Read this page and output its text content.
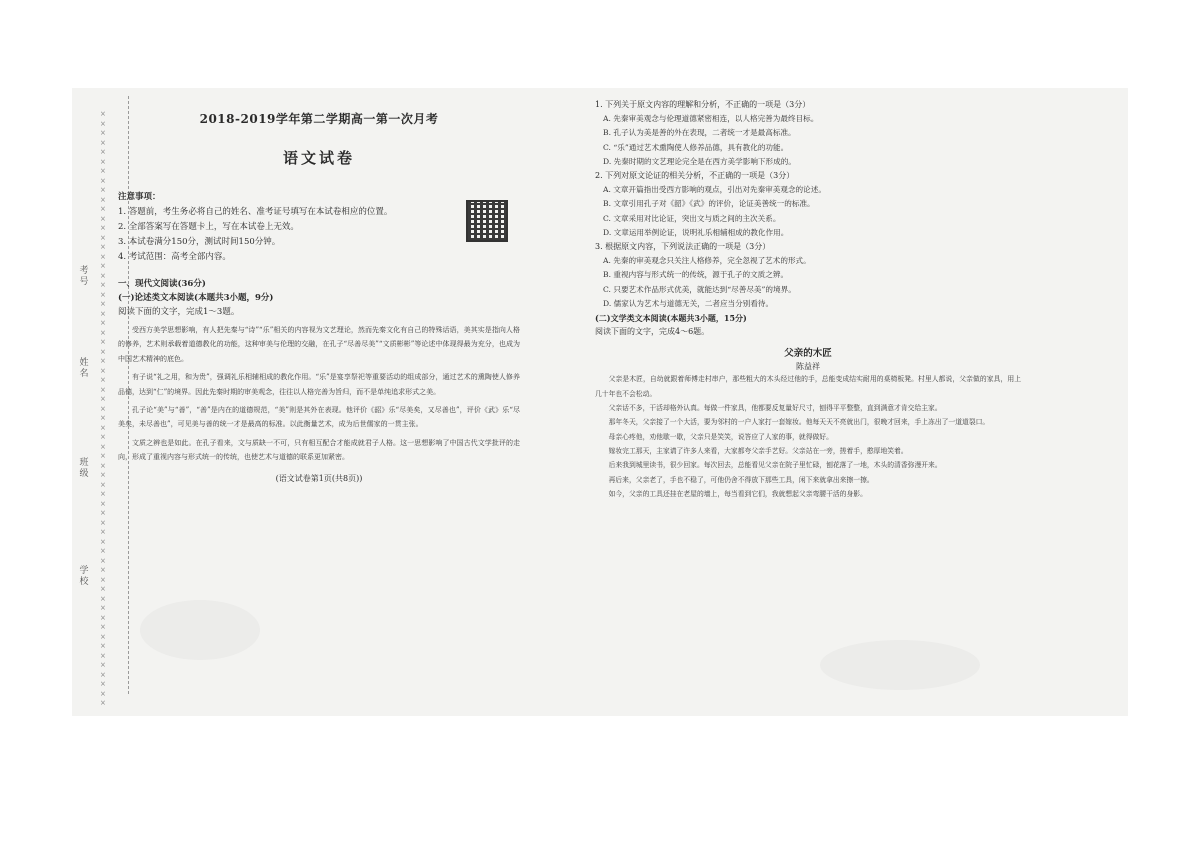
考号
姓名
班级
学校
×××××××××××××××××××××××××××××××××××××××××××××××××××××××××××××××
2018-2019学年第二学期高一第一次月考
语文试卷
注意事项：
1. 答题前，考生务必将自己的姓名、准考证号填写在本试卷相应的位置。
2. 全部答案写在答题卡上，写在本试卷上无效。
3. 本试卷满分150分，测试时间150分钟。
4. 考试范围：高考全部内容。
一、现代文阅读(36分)
(一)论述类文本阅读(本题共3小题，9分)
阅读下面的文字，完成1～3题。

受西方美学思想影响，有人把先秦与“诗”“乐”相关的内容视为文艺理论，然而先秦文化有自己的特殊话语，美其实是指向人格的修养，艺术则承载着道德教化的功能，这种审美与伦理的交融，在孔子“尽善尽美”“文质彬彬”等论述中体现得最为充分，也成为中国艺术精神的底色。

有子说“礼之用，和为贵”，强调礼乐相辅相成的教化作用。“乐”是宴享祭祀等重要活动的组成部分，通过艺术的熏陶使人修养品德，达到“仁”的境界。因此先秦时期的审美观念，往往以人格完善为旨归，而不是单纯追求形式之美。

孔子论“美”与“善”，“善”是内在的道德规范，“美”则是其外在表现。他评价《韶》乐“尽美矣，又尽善也”，评价《武》乐“尽美矣，未尽善也”，可见美与善的统一才是最高的标准。以此衡量艺术，成为后世儒家的一贯主张。

文质之辨也是如此。在孔子看来，文与质缺一不可，只有相互配合才能成就君子人格。这一思想影响了中国古代文学批评的走向，形成了重视内容与形式统一的传统，也使艺术与道德的联系更加紧密。

(语文试卷第1页(共8页))
1. 下列关于原文内容的理解和分析，不正确的一项是（3分）
A. 先秦审美观念与伦理道德紧密相连，以人格完善为最终目标。
B. 孔子认为美是善的外在表现，二者统一才是最高标准。
C. “乐”通过艺术熏陶使人修养品德，具有教化的功能。
D. 先秦时期的文艺理论完全是在西方美学影响下形成的。
2. 下列对原文论证的相关分析，不正确的一项是（3分）
A. 文章开篇指出受西方影响的观点，引出对先秦审美观念的论述。
B. 文章引用孔子对《韶》《武》的评价，论证美善统一的标准。
C. 文章采用对比论证，突出文与质之间的主次关系。
D. 文章运用举例论证，说明礼乐相辅相成的教化作用。
3. 根据原文内容，下列说法正确的一项是（3分）
A. 先秦的审美观念只关注人格修养，完全忽视了艺术的形式。
B. 重视内容与形式统一的传统，源于孔子的文质之辨。
C. 只要艺术作品形式优美，就能达到“尽善尽美”的境界。
D. 儒家认为艺术与道德无关，二者应当分别看待。
(二)文学类文本阅读(本题共3小题，15分)
阅读下面的文字，完成4～6题。
父亲的木匠
陈益祥

父亲是木匠，自幼就跟着师傅走村串户，那些粗大的木头经过他的手，总能变成结实耐用的桌椅板凳。村里人都说，父亲做的家具，用上几十年也不会松动。

父亲话不多，干活却格外认真。每做一件家具，他都要反复量好尺寸，刨得平平整整，直到满意才肯交给主家。

那年冬天，父亲接了一个大活，要为邻村的一户人家打一套嫁妆。他每天天不亮就出门，很晚才回来，手上冻出了一道道裂口。

母亲心疼他，劝他歇一歇，父亲只是笑笑，说答应了人家的事，就得做好。

嫁妆完工那天，主家请了许多人来看，大家都夸父亲手艺好。父亲站在一旁，搓着手，憨厚地笑着。

后来我到城里读书，很少回家。每次回去，总能看见父亲在院子里忙碌，刨花落了一地，木头的清香弥漫开来。

再后来，父亲老了，手也不稳了，可他仍舍不得放下那些工具，闲下来就拿出来擦一擦。

如今，父亲的工具还挂在老屋的墙上，每当看到它们，我就想起父亲弯腰干活的身影。
